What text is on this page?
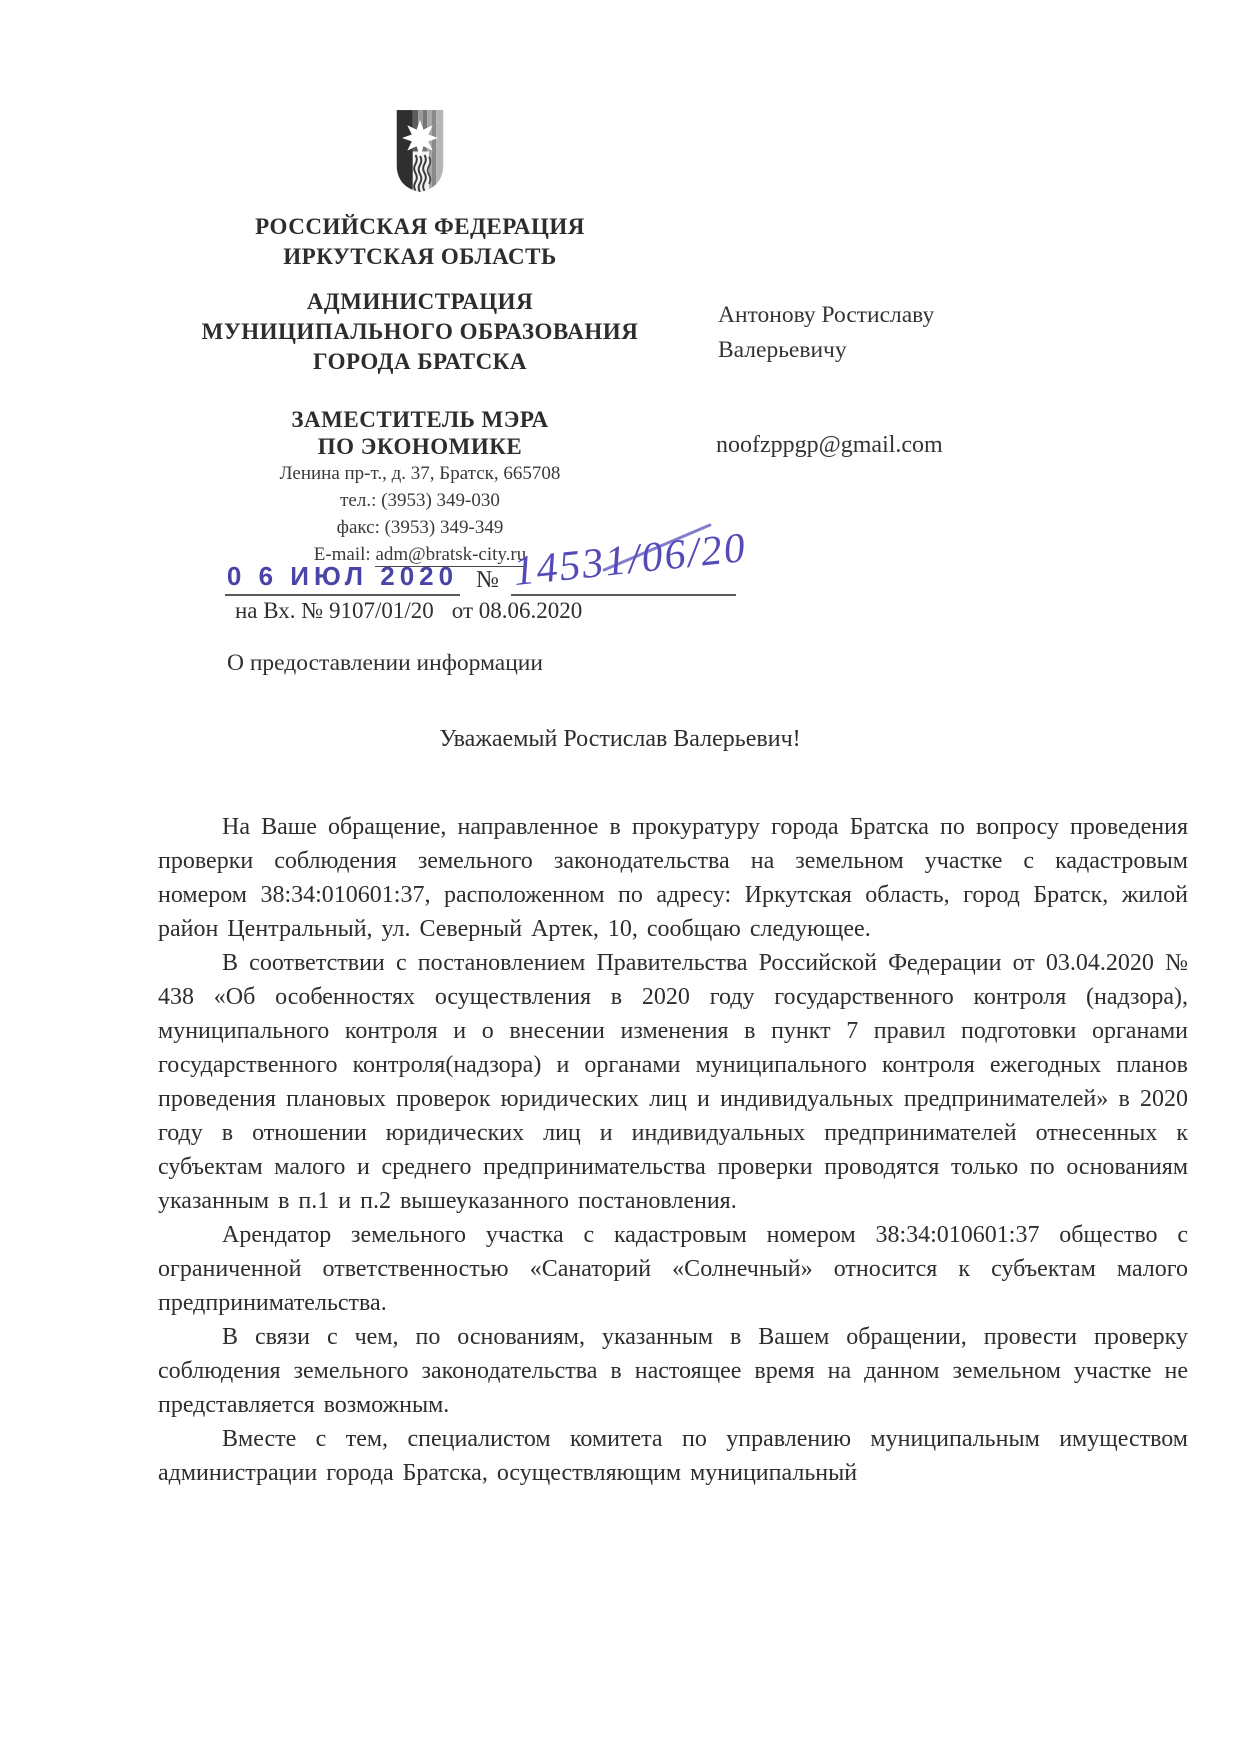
РОССИЙСКАЯ ФЕДЕРАЦИЯ
ИРКУТСКАЯ ОБЛАСТЬ
АДМИНИСТРАЦИЯ
МУНИЦИПАЛЬНОГО ОБРАЗОВАНИЯ
ГОРОДА БРАТСКА
ЗАМЕСТИТЕЛЬ МЭРА
ПО ЭКОНОМИКЕ
Ленина пр-т., д. 37, Братск, 665708
тел.: (3953) 349-030
факс: (3953) 349-349
E-mail: adm@bratsk-city.ru
0 6 ИЮЛ 2020 № 14531/06/20
на Вх. № 9107/01/20 от 08.06.2020
Антонову Ростиславу
Валерьевичу
noofzppgp@gmail.com
О предоставлении информации
Уважаемый Ростислав Валерьевич!

На Ваше обращение, направленное в прокуратуру города Братска по вопросу проведения проверки соблюдения земельного законодательства на земельном участке с кадастровым номером 38:34:010601:37, расположенном по адресу: Иркутская область, город Братск, жилой район Центральный, ул. Северный Артек, 10, сообщаю следующее.

В соответствии с постановлением Правительства Российской Федерации от 03.04.2020 № 438 «Об особенностях осуществления в 2020 году государственного контроля (надзора), муниципального контроля и о внесении изменения в пункт 7 правил подготовки органами государственного контроля(надзора) и органами муниципального контроля ежегодных планов проведения плановых проверок юридических лиц и индивидуальных предпринимателей» в 2020 году в отношении юридических лиц и индивидуальных предпринимателей отнесенных к субъектам малого и среднего предпринимательства проверки проводятся только по основаниям указанным в п.1 и п.2 вышеуказанного постановления.

Арендатор земельного участка с кадастровым номером 38:34:010601:37 общество с ограниченной ответственностью «Санаторий «Солнечный» относится к субъектам малого предпринимательства.

В связи с чем, по основаниям, указанным в Вашем обращении, провести проверку соблюдения земельного законодательства в настоящее время на данном земельном участке не представляется возможным.

Вместе с тем, специалистом комитета по управлению муниципальным имуществом администрации города Братска, осуществляющим муниципальный
